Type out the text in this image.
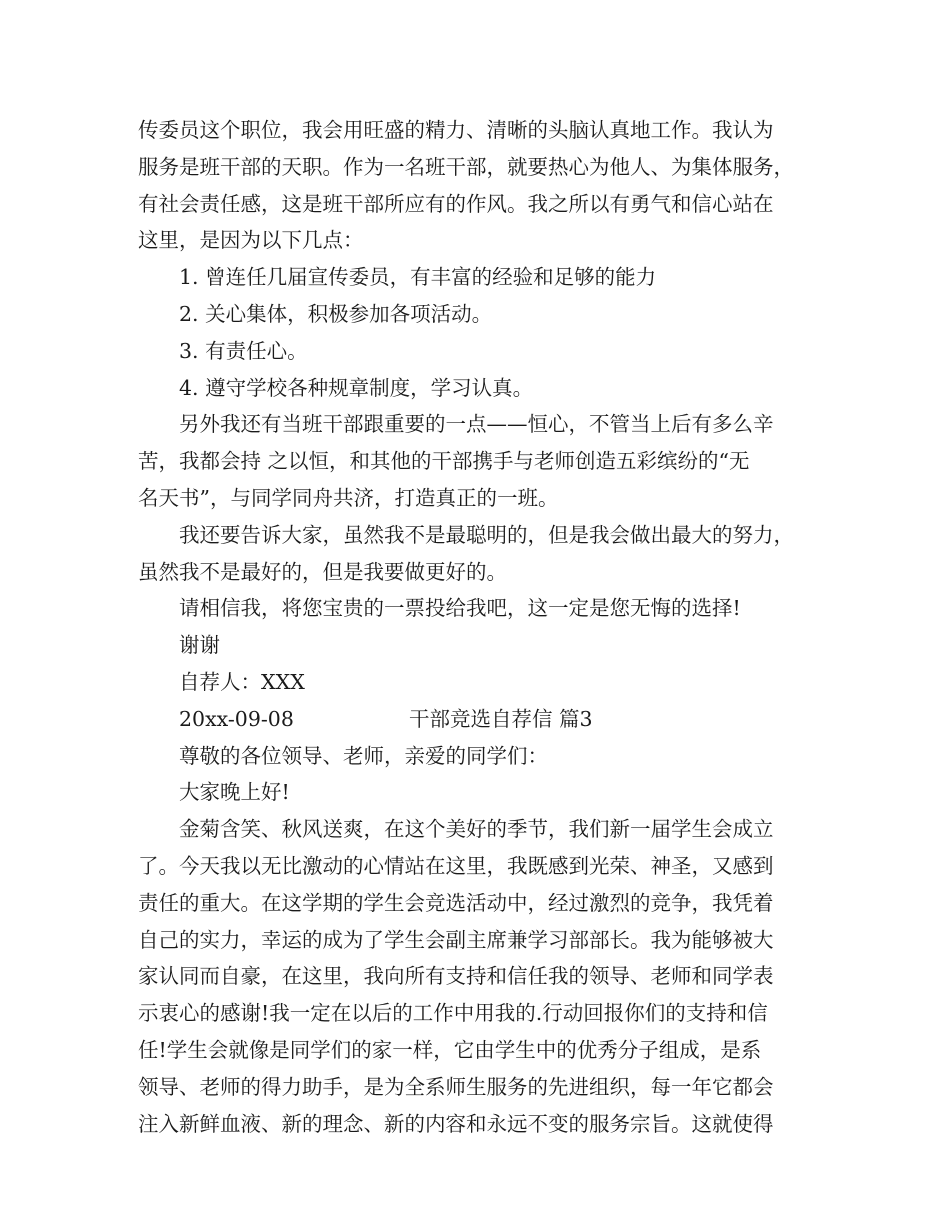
传委员这个职位，我会用旺盛的精力、清晰的头脑认真地工作。我认为

服务是班干部的天职。作为一名班干部，就要热心为他人、为集体服务，

有社会责任感，这是班干部所应有的作风。我之所以有勇气和信心站在

这里，是因为以下几点：

1. 曾连任几届宣传委员，有丰富的经验和足够的能力

2. 关心集体，积极参加各项活动。

3. 有责任心。

4. 遵守学校各种规章制度，学习认真。

另外我还有当班干部跟重要的一点——恒心，不管当上后有多么辛

苦，我都会持 之以恒，和其他的干部携手与老师创造五彩缤纷的“无

名天书”，与同学同舟共济，打造真正的一班。

我还要告诉大家，虽然我不是最聪明的，但是我会做出最大的努力，

虽然我不是最好的，但是我要做更好的。

请相信我，将您宝贵的一票投给我吧，这一定是您无悔的选择!

谢谢

自荐人：XXX

20xx-09-08	干部竞选自荐信 篇3

尊敬的各位领导、老师，亲爱的同学们：

大家晚上好!

金菊含笑、秋风送爽，在这个美好的季节，我们新一届学生会成立

了。今天我以无比激动的心情站在这里，我既感到光荣、神圣，又感到

责任的重大。在这学期的学生会竞选活动中，经过激烈的竞争，我凭着

自己的实力，幸运的成为了学生会副主席兼学习部部长。我为能够被大

家认同而自豪，在这里，我向所有支持和信任我的领导、老师和同学表

示衷心的感谢!我一定在以后的工作中用我的.行动回报你们的支持和信

任!学生会就像是同学们的家一样，它由学生中的优秀分子组成，是系

领导、老师的得力助手，是为全系师生服务的先进组织，每一年它都会

注入新鲜血液、新的理念、新的内容和永远不变的服务宗旨。这就使得
